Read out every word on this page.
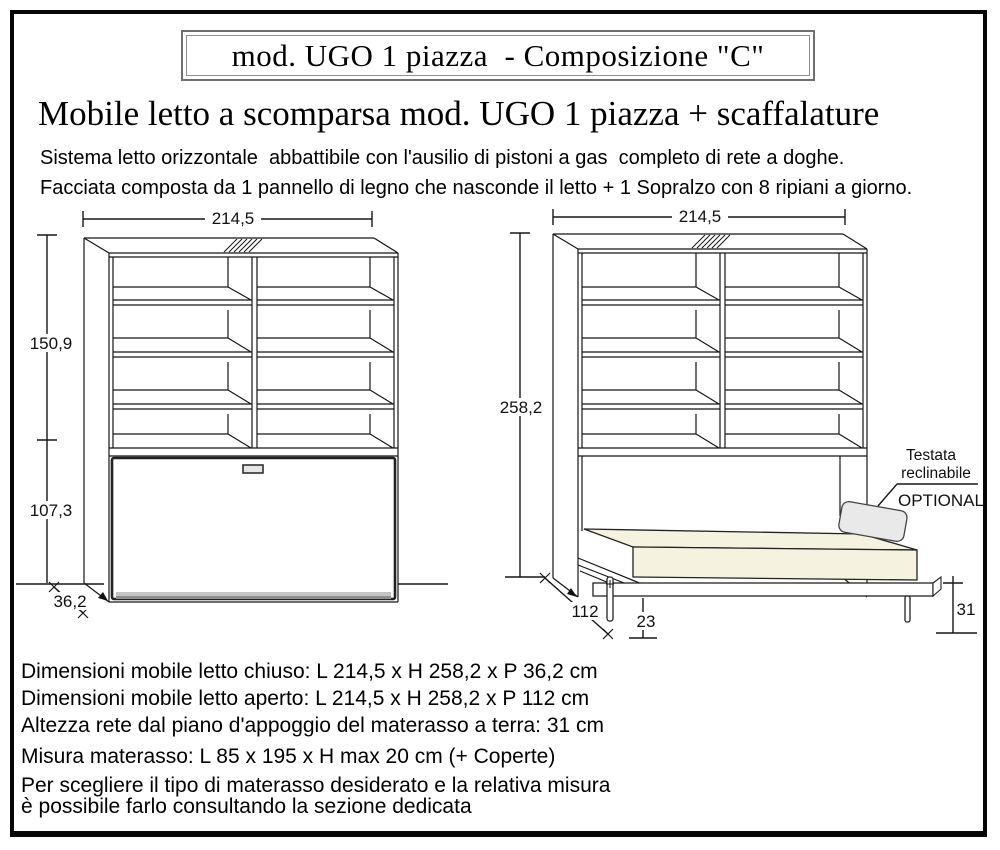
mod. UGO 1 piazza  - Composizione "C"
Mobile letto a scomparsa mod. UGO 1 piazza + scaffalature
Sistema letto orizzontale  abbattibile con l'ausilio di pistoni a gas  completo di rete a doghe.
Facciata composta da 1 pannello di legno che nasconde il letto + 1 Sopralzo con 8 ripiani a giorno.
214,5
150,9
107,3
36,2
214,5
258,2
112
23
31
Testata
reclinabile
OPTIONAL
Dimensioni mobile letto chiuso: L 214,5 x H 258,2 x P 36,2 cm
Dimensioni mobile letto aperto: L 214,5 x H 258,2 x P 112 cm
Altezza rete dal piano d'appoggio del materasso a terra: 31 cm
Misura materasso: L 85 x 195 x H max 20 cm (+ Coperte)
Per scegliere il tipo di materasso desiderato e la relativa misura
è possibile farlo consultando la sezione dedicata
